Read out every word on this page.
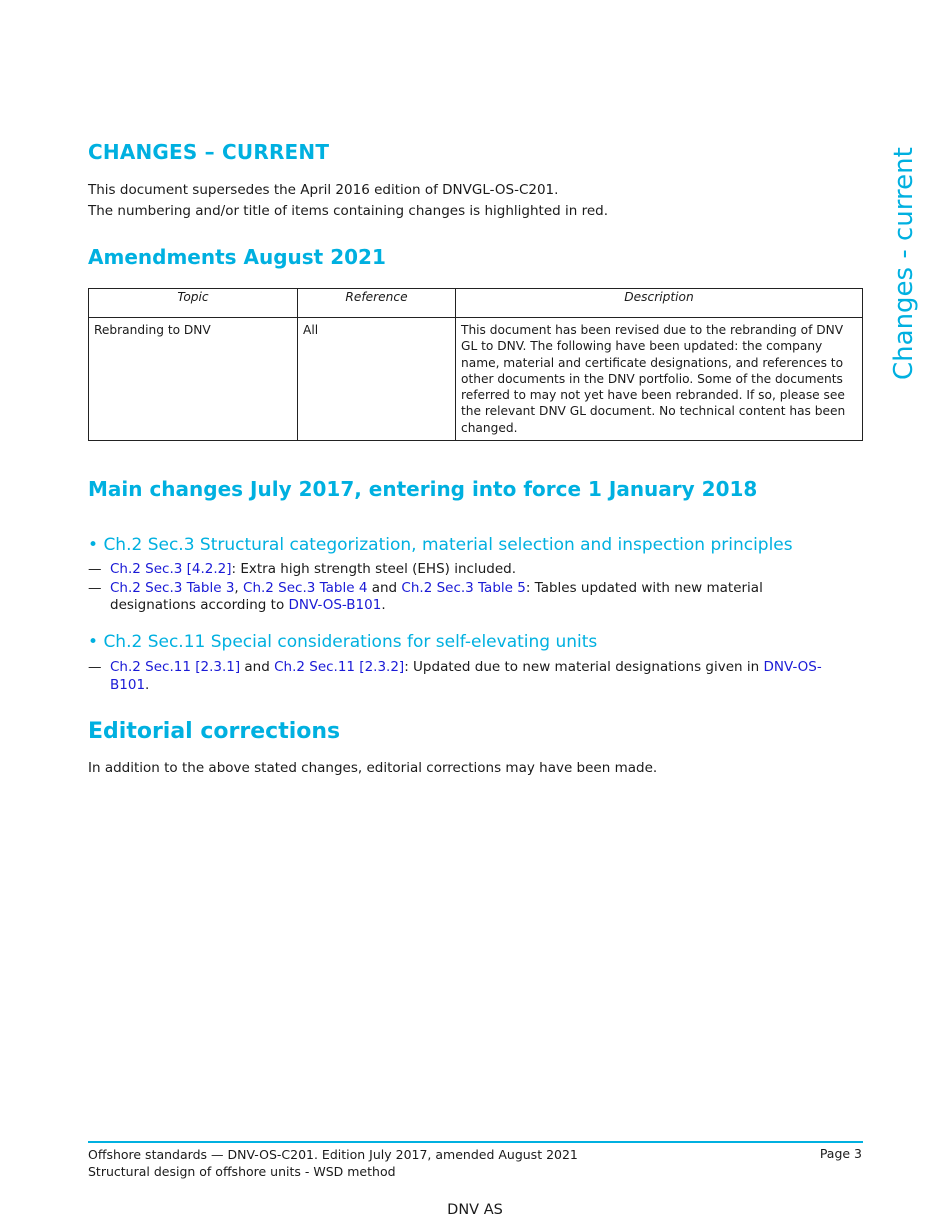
Changes - current
CHANGES – CURRENT
This document supersedes the April 2016 edition of DNVGL-OS-C201.
The numbering and/or title of items containing changes is highlighted in red.
Amendments August 2021
Topic	Reference	Description
Rebranding to DNV	All	This document has been revised due to the rebranding of DNV GL to DNV. The following have been updated: the company name, material and certificate designations, and references to other documents in the DNV portfolio. Some of the documents referred to may not yet have been rebranded. If so, please see the relevant DNV GL document. No technical content has been changed.
Main changes July 2017, entering into force 1 January 2018
• Ch.2 Sec.3 Structural categorization, material selection and inspection principles
— Ch.2 Sec.3 [4.2.2]: Extra high strength steel (EHS) included.
— Ch.2 Sec.3 Table 3, Ch.2 Sec.3 Table 4 and Ch.2 Sec.3 Table 5: Tables updated with new material designations according to DNV-OS-B101.
• Ch.2 Sec.11 Special considerations for self-elevating units
— Ch.2 Sec.11 [2.3.1] and Ch.2 Sec.11 [2.3.2]: Updated due to new material designations given in DNV-OS-B101.
Editorial corrections
In addition to the above stated changes, editorial corrections may have been made.
Offshore standards — DNV-OS-C201. Edition July 2017, amended August 2021
Structural design of offshore units - WSD method
Page 3
DNV AS
